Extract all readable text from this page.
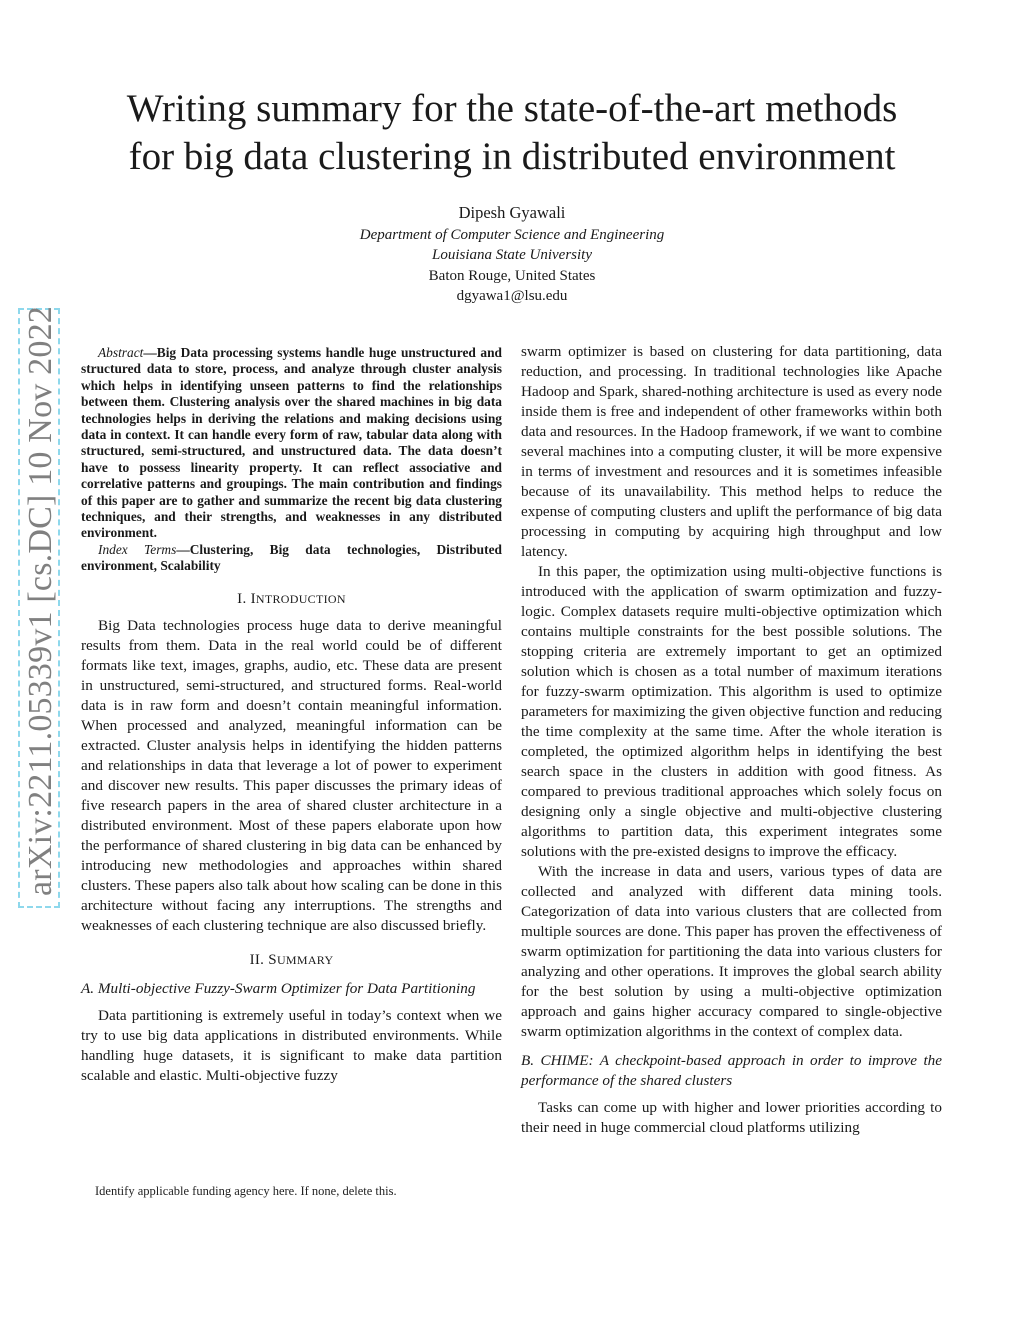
Writing summary for the state-of-the-art methods
for big data clustering in distributed environment
Dipesh Gyawali
Department of Computer Science and Engineering
Louisiana State University
Baton Rouge, United States
dgyawa1@lsu.edu
arXiv:2211.05339v1 [cs.DC] 10 Nov 2022	Abstract—Big Data processing systems handle huge unstructured and structured data to store, process, and analyze through cluster analysis which helps in identifying unseen patterns to find the relationships between them. Clustering analysis over the shared machines in big data technologies helps in deriving the relations and making decisions using data in context. It can handle every form of raw, tabular data along with structured, semi-structured, and unstructured data. The data doesn’t have to possess linearity property. It can reflect associative and correlative patterns and groupings. The main contribution and findings of this paper are to gather and summarize the recent big data clustering techniques, and their strengths, and weaknesses in any distributed environment.

Index Terms—Clustering, Big data technologies, Distributed environment, Scalability

I. INTRODUCTION

Big Data technologies process huge data to derive meaningful results from them. Data in the real world could be of different formats like text, images, graphs, audio, etc. These data are present in unstructured, semi-structured, and structured forms. Real-world data is in raw form and doesn’t contain meaningful information. When processed and analyzed, meaningful information can be extracted. Cluster analysis helps in identifying the hidden patterns and relationships in data that leverage a lot of power to experiment and discover new results. This paper discusses the primary ideas of five research papers in the area of shared cluster architecture in a distributed environment. Most of these papers elaborate upon how the performance of shared clustering in big data can be enhanced by introducing new methodologies and approaches within shared clusters. These papers also talk about how scaling can be done in this architecture without facing any interruptions. The strengths and weaknesses of each clustering technique are also discussed briefly.

II. SUMMARY
A. Multi-objective Fuzzy-Swarm Optimizer for Data Partitioning

Data partitioning is extremely useful in today’s context when we try to use big data applications in distributed environments. While handling huge datasets, it is significant to make data partition scalable and elastic. Multi-objective fuzzy

swarm optimizer is based on clustering for data partitioning, data reduction, and processing. In traditional technologies like Apache Hadoop and Spark, shared-nothing architecture is used as every node inside them is free and independent of other frameworks within both data and resources. In the Hadoop framework, if we want to combine several machines into a computing cluster, it will be more expensive in terms of investment and resources and it is sometimes infeasible because of its unavailability. This method helps to reduce the expense of computing clusters and uplift the performance of big data processing in computing by acquiring high throughput and low latency.

In this paper, the optimization using multi-objective functions is introduced with the application of swarm optimization and fuzzy-logic. Complex datasets require multi-objective optimization which contains multiple constraints for the best possible solutions. The stopping criteria are extremely important to get an optimized solution which is chosen as a total number of maximum iterations for fuzzy-swarm optimization. This algorithm is used to optimize parameters for maximizing the given objective function and reducing the time complexity at the same time. After the whole iteration is completed, the optimized algorithm helps in identifying the best search space in the clusters in addition with good fitness. As compared to previous traditional approaches which solely focus on designing only a single objective and multi-objective clustering algorithms to partition data, this experiment integrates some solutions with the pre-existed designs to improve the efficacy.

With the increase in data and users, various types of data are collected and analyzed with different data mining tools. Categorization of data into various clusters that are collected from multiple sources are done. This paper has proven the effectiveness of swarm optimization for partitioning the data into various clusters for analyzing and other operations. It improves the global search ability for the best solution by using a multi-objective optimization approach and gains higher accuracy compared to single-objective swarm optimization algorithms in the context of complex data.

B. CHIME: A checkpoint-based approach in order to improve the performance of the shared clusters

Tasks can come up with higher and lower priorities according to their need in huge commercial cloud platforms utilizing

Identify applicable funding agency here. If none, delete this.
